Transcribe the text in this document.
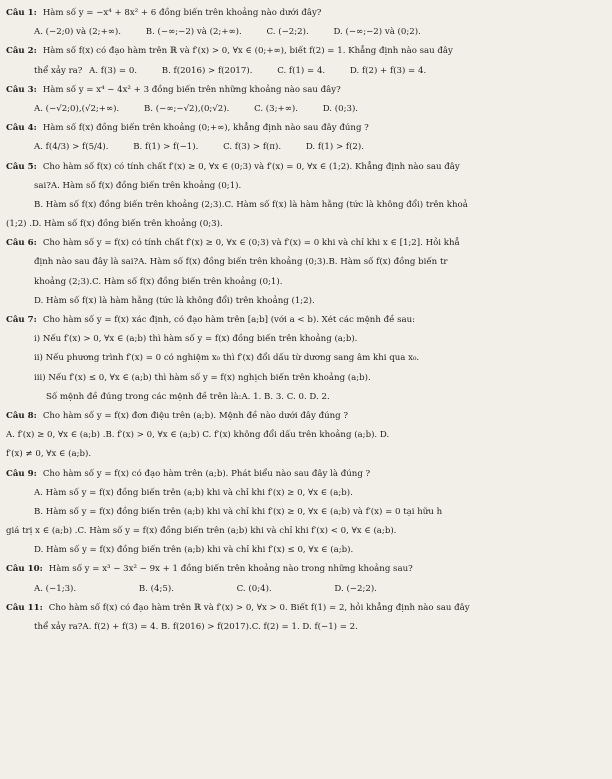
Câu 1: Hàm số y = −x⁴ + 8x² + 6 đồng biến trên khoảng nào dưới đây?
A. (−2;0) và (2;+∞).	B. (−∞;−2) và (2;+∞).	C. (−2;2).	D. (−∞;−2) và (0;2).
Câu 2: Hàm số f(x) có đạo hàm trên ℝ và f′(x) > 0, ∀x ∈ (0;+∞), biết f(2) = 1. Khẳng định nào sau đây
thể xảy ra? A. f(3) = 0.	B. f(2016) > f(2017).	C. f(1) = 4.	D. f(2) + f(3) = 4.
Câu 3: Hàm số y = x⁴ − 4x² + 3 đồng biến trên những khoảng nào sau đây?
A. (−√2;0),(√2;+∞).	B. (−∞;−√2),(0;√2).	C. (3;+∞).	D. (0;3).
Câu 4: Hàm số f(x) đồng biến trên khoảng (0;+∞), khẳng định nào sau đây đúng ?
A. f(4/3) > f(5/4).	B. f(1) > f(−1).	C. f(3) > f(π).	D. f(1) > f(2).
Câu 5: Cho hàm số f(x) có tính chất f′(x) ≥ 0, ∀x ∈ (0;3) và f′(x) = 0, ∀x ∈ (1;2). Khẳng định nào sau đây
sai?A. Hàm số f(x) đồng biến trên khoảng (0;1).
B. Hàm số f(x) đồng biến trên khoảng (2;3).C. Hàm số f(x) là hàm hằng (tức là không đổi) trên khoả
(1;2) .D. Hàm số f(x) đồng biến trên khoảng (0;3).
Câu 6: Cho hàm số y = f(x) có tính chất f′(x) ≥ 0, ∀x ∈ (0;3) và f′(x) = 0 khi và chỉ khi x ∈ [1;2]. Hỏi khẳ
định nào sau đây là sai?A. Hàm số f(x) đồng biến trên khoảng (0;3).B. Hàm số f(x) đồng biến tr
khoảng (2;3).C. Hàm số f(x) đồng biến trên khoảng (0;1).
D. Hàm số f(x) là hàm hằng (tức là không đổi) trên khoảng (1;2).
Câu 7: Cho hàm số y = f(x) xác định, có đạo hàm trên [a;b] (với a < b). Xét các mệnh đề sau:
i) Nếu f′(x) > 0, ∀x ∈ (a;b) thì hàm số y = f(x) đồng biến trên khoảng (a;b).
ii) Nếu phương trình f′(x) = 0 có nghiệm x₀ thì f′(x) đổi dấu từ dương sang âm khi qua x₀.
iii) Nếu f′(x) ≤ 0, ∀x ∈ (a;b) thì hàm số y = f(x) nghịch biến trên khoảng (a;b).
Số mệnh đề đúng trong các mệnh đề trên là:A. 1. B. 3. C. 0. D. 2.
Câu 8: Cho hàm số y = f(x) đơn điệu trên (a;b). Mệnh đề nào dưới đây đúng ?
A. f′(x) ≥ 0, ∀x ∈ (a;b) .B. f′(x) > 0, ∀x ∈ (a;b) C. f′(x) không đổi dấu trên khoảng (a;b). D.
f′(x) ≠ 0, ∀x ∈ (a;b).
Câu 9: Cho hàm số y = f(x) có đạo hàm trên (a;b). Phát biểu nào sau đây là đúng ?
A. Hàm số y = f(x) đồng biến trên (a;b) khi và chỉ khi f′(x) ≥ 0, ∀x ∈ (a;b).
B. Hàm số y = f(x) đồng biến trên (a;b) khi và chỉ khi f′(x) ≥ 0, ∀x ∈ (a;b) và f′(x) = 0 tại hữu h
giá trị x ∈ (a;b) .C. Hàm số y = f(x) đồng biến trên (a;b) khi và chỉ khi f′(x) < 0, ∀x ∈ (a;b).
D. Hàm số y = f(x) đồng biến trên (a;b) khi và chỉ khi f′(x) ≤ 0, ∀x ∈ (a;b).
Câu 10: Hàm số y = x³ − 3x² − 9x + 1 đồng biến trên khoảng nào trong những khoảng sau?
A. (−1;3).	B. (4;5).	C. (0;4).	D. (−2;2).
Câu 11: Cho hàm số f(x) có đạo hàm trên ℝ và f′(x) > 0, ∀x > 0. Biết f(1) = 2, hỏi khẳng định nào sau đây
thể xảy ra?A. f(2) + f(3) = 4. B. f(2016) > f(2017).C. f(2) = 1. D. f(−1) = 2.
